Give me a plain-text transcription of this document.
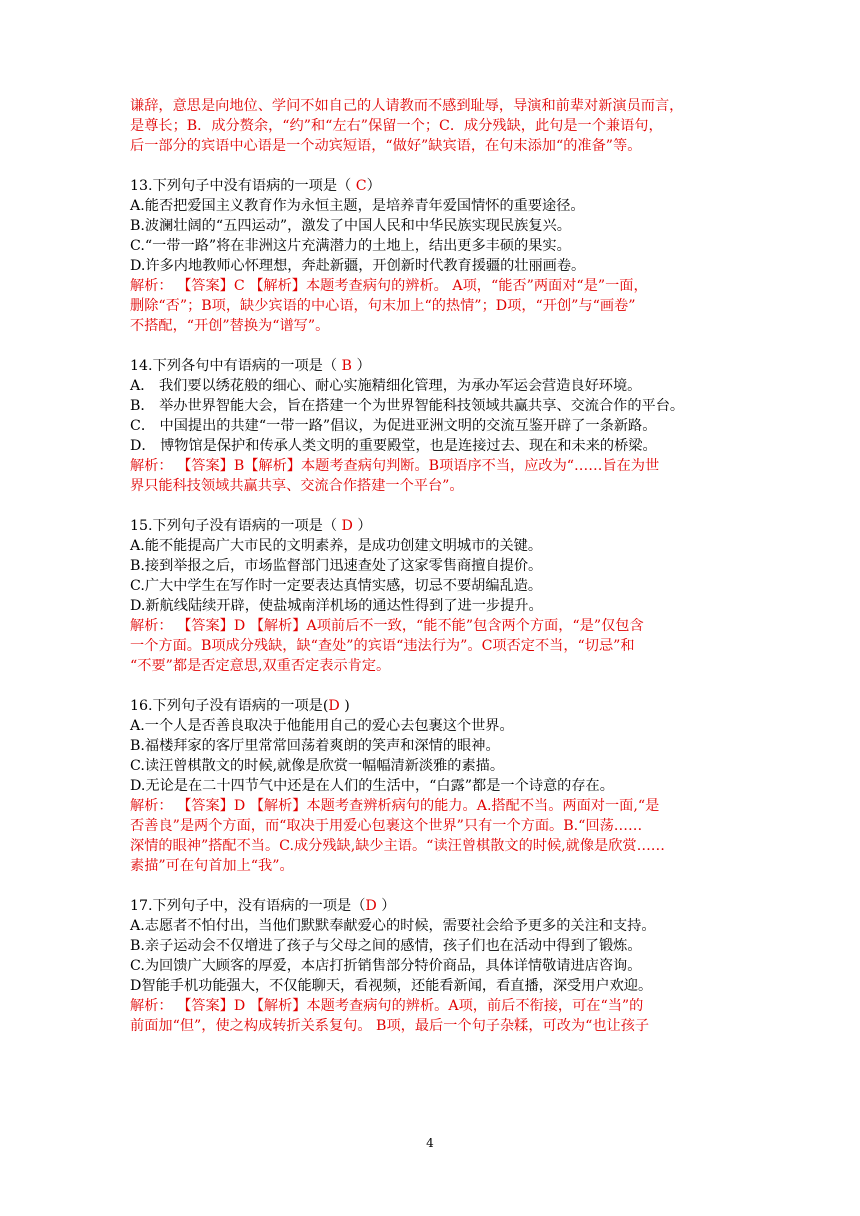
谦辞，意思是向地位、学问不如自己的人请教而不感到耻辱，导演和前辈对新演员而言，
是尊长；B．成分赘余，“约”和“左右”保留一个；C．成分残缺，此句是一个兼语句，
后一部分的宾语中心语是一个动宾短语，“做好”缺宾语，在句末添加“的准备”等。
13.下列句子中没有语病的一项是（ C）
A.能否把爱国主义教育作为永恒主题，是培养青年爱国情怀的重要途径。
B.波澜壮阔的“五四运动”，激发了中国人民和中华民族实现民族复兴。
C.“一带一路”将在非洲这片充满潜力的土地上，结出更多丰硕的果实。
D.许多内地教师心怀理想，奔赴新疆，开创新时代教育援疆的壮丽画卷。
解析： 【答案】C 【解析】本题考查病句的辨析。 A项，“能否”两面对“是”一面，
删除“否”；B项，缺少宾语的中心语，句末加上“的热情”；D项，“开创”与“画卷”
不搭配，“开创”替换为“谱写”。
14.下列各句中有语病的一项是（ B ）
A． 我们要以绣花般的细心、耐心实施精细化管理，为承办军运会营造良好环境。
B． 举办世界智能大会，旨在搭建一个为世界智能科技领域共赢共享、交流合作的平台。
C． 中国提出的共建“一带一路”倡议，为促进亚洲文明的交流互鉴开辟了一条新路。
D． 博物馆是保护和传承人类文明的重要殿堂，也是连接过去、现在和未来的桥梁。
解析： 【答案】B【解析】本题考查病句判断。B项语序不当，应改为“……旨在为世
界只能科技领域共赢共享、交流合作搭建一个平台”。
15.下列句子没有语病的一项是（ D ）
A.能不能提高广大市民的文明素养，是成功创建文明城市的关键。
B.接到举报之后，市场监督部门迅速查处了这家零售商擅自提价。
C.广大中学生在写作时一定要表达真情实感，切忌不要胡编乱造。
D.新航线陆续开辟，使盐城南洋机场的通达性得到了进一步提升。
解析： 【答案】D 【解析】A项前后不一致，“能不能”包含两个方面，“是”仅包含
一个方面。B项成分残缺，缺“查处”的宾语“违法行为”。C项否定不当，“切忌”和
“不要”都是否定意思,双重否定表示肯定。
16.下列句子没有语病的一项是(D )
A.一个人是否善良取决于他能用自己的爱心去包裹这个世界。
B.福楼拜家的客厅里常常回荡着爽朗的笑声和深情的眼神。
C.读汪曾棋散文的时候,就像是欣赏一幅幅清新淡雅的素描。
D.无论是在二十四节气中还是在人们的生活中，“白露”都是一个诗意的存在。
解析： 【答案】D 【解析】本题考查辨析病句的能力。A.搭配不当。两面对一面,“是
否善良”是两个方面，而“取决于用爱心包裹这个世界”只有一个方面。B.“回荡……
深情的眼神”搭配不当。C.成分残缺,缺少主语。“读汪曾棋散文的时候,就像是欣赏……
素描”可在句首加上“我”。
17.下列句子中，没有语病的一项是（D ）
A.志愿者不怕付出，当他们默默奉献爱心的时候，需要社会给予更多的关注和支持。
B.亲子运动会不仅增进了孩子与父母之间的感情，孩子们也在活动中得到了锻炼。
C.为回馈广大顾客的厚爱，本店打折销售部分特价商品，具体详情敬请进店咨询。
D智能手机功能强大，不仅能聊天，看视频，还能看新闻，看直播，深受用户欢迎。
解析： 【答案】D 【解析】本题考查病句的辨析。A项，前后不衔接，可在“当”的
前面加“但”，使之构成转折关系复句。 B项，最后一个句子杂糅，可改为“也让孩子
4
